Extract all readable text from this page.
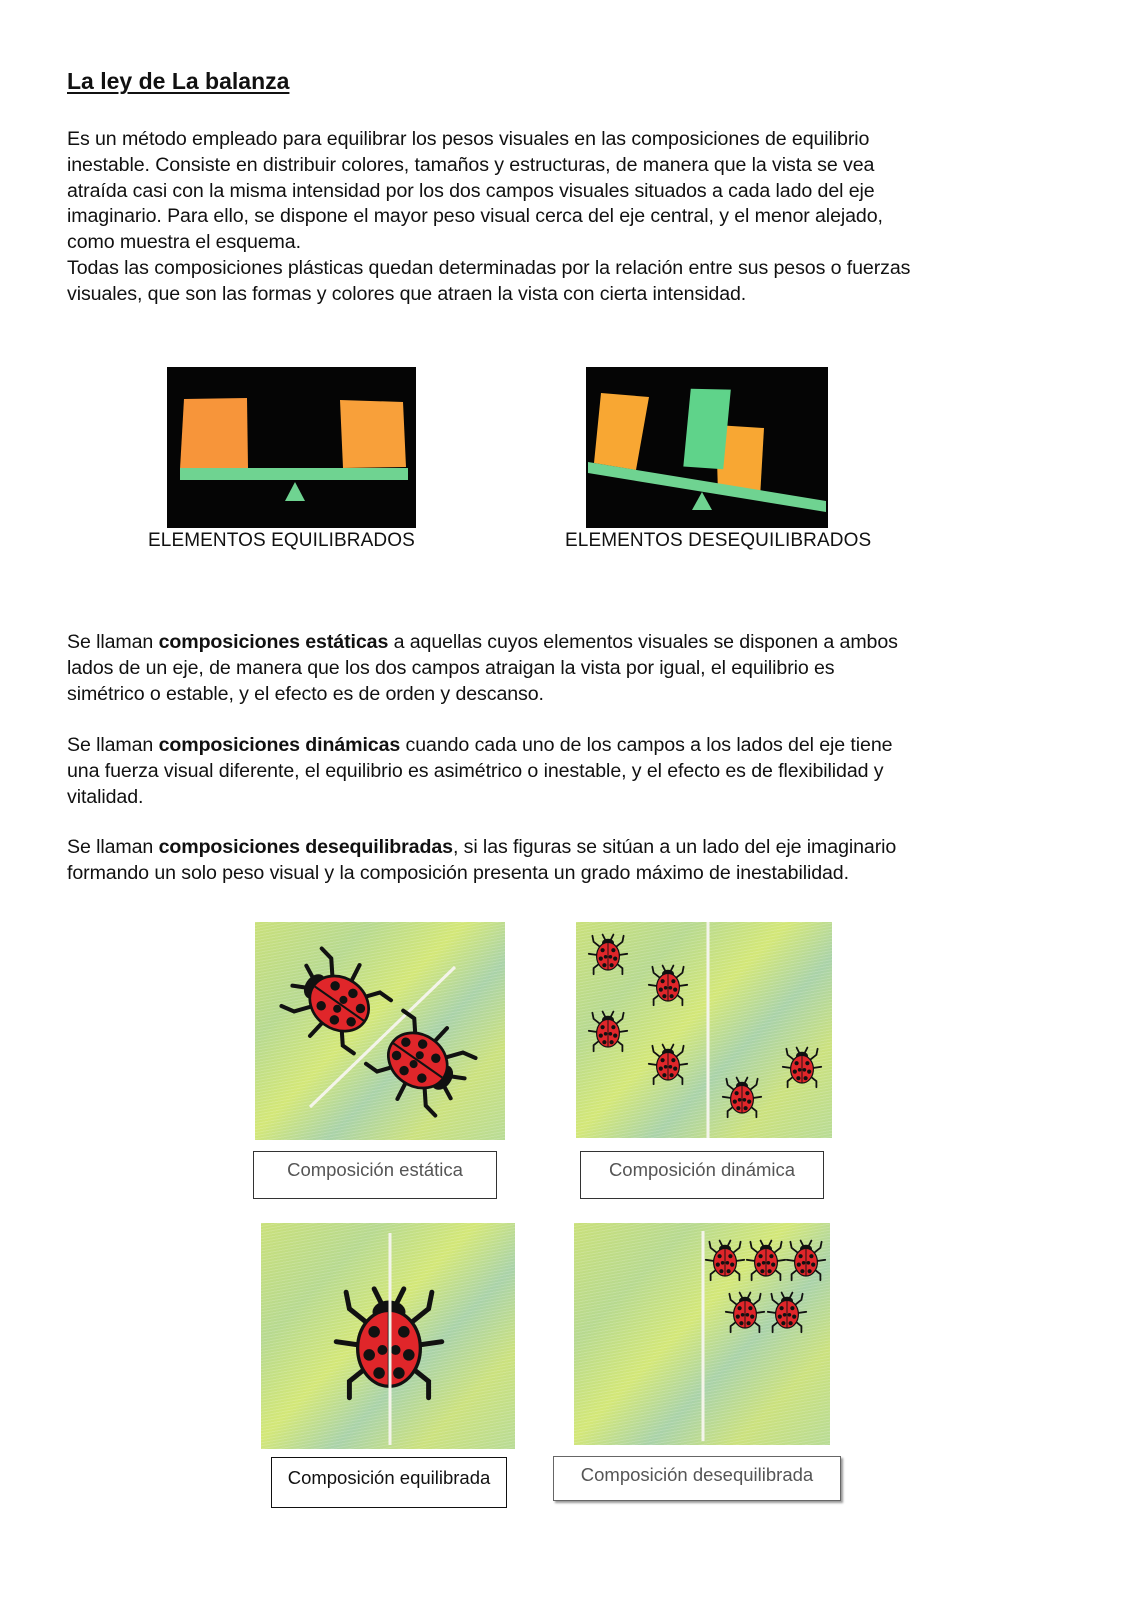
La ley de La balanza
Es un método empleado para equilibrar los pesos visuales en las composiciones de equilibrio
inestable. Consiste en distribuir colores, tamaños y estructuras, de manera que la vista se vea
atraída casi con la misma intensidad por los dos campos visuales situados a cada lado del eje
imaginario. Para ello, se dispone el mayor peso visual cerca del eje central, y el menor alejado,
como muestra el esquema.
Todas las composiciones plásticas quedan determinadas por la relación entre sus pesos o fuerzas
visuales, que son las formas y colores que atraen la vista con cierta intensidad.
ELEMENTOS EQUILIBRADOS	ELEMENTOS DESEQUILIBRADOS
Se llaman composiciones estáticas a aquellas cuyos elementos visuales se disponen a ambos
lados de un eje, de manera que los dos campos atraigan la vista por igual, el equilibrio es
simétrico o estable, y el efecto es de orden y descanso.
Se llaman composiciones dinámicas cuando cada uno de los campos a los lados del eje tiene
una fuerza visual diferente, el equilibrio es asimétrico o inestable, y el efecto es de flexibilidad y
vitalidad.
Se llaman composiciones desequilibradas, si las figuras se sitúan a un lado del eje imaginario
formando un solo peso visual y la composición presenta un grado máximo de inestabilidad.
Composición estática	Composición dinámica
Composición equilibrada	Composición desequilibrada
